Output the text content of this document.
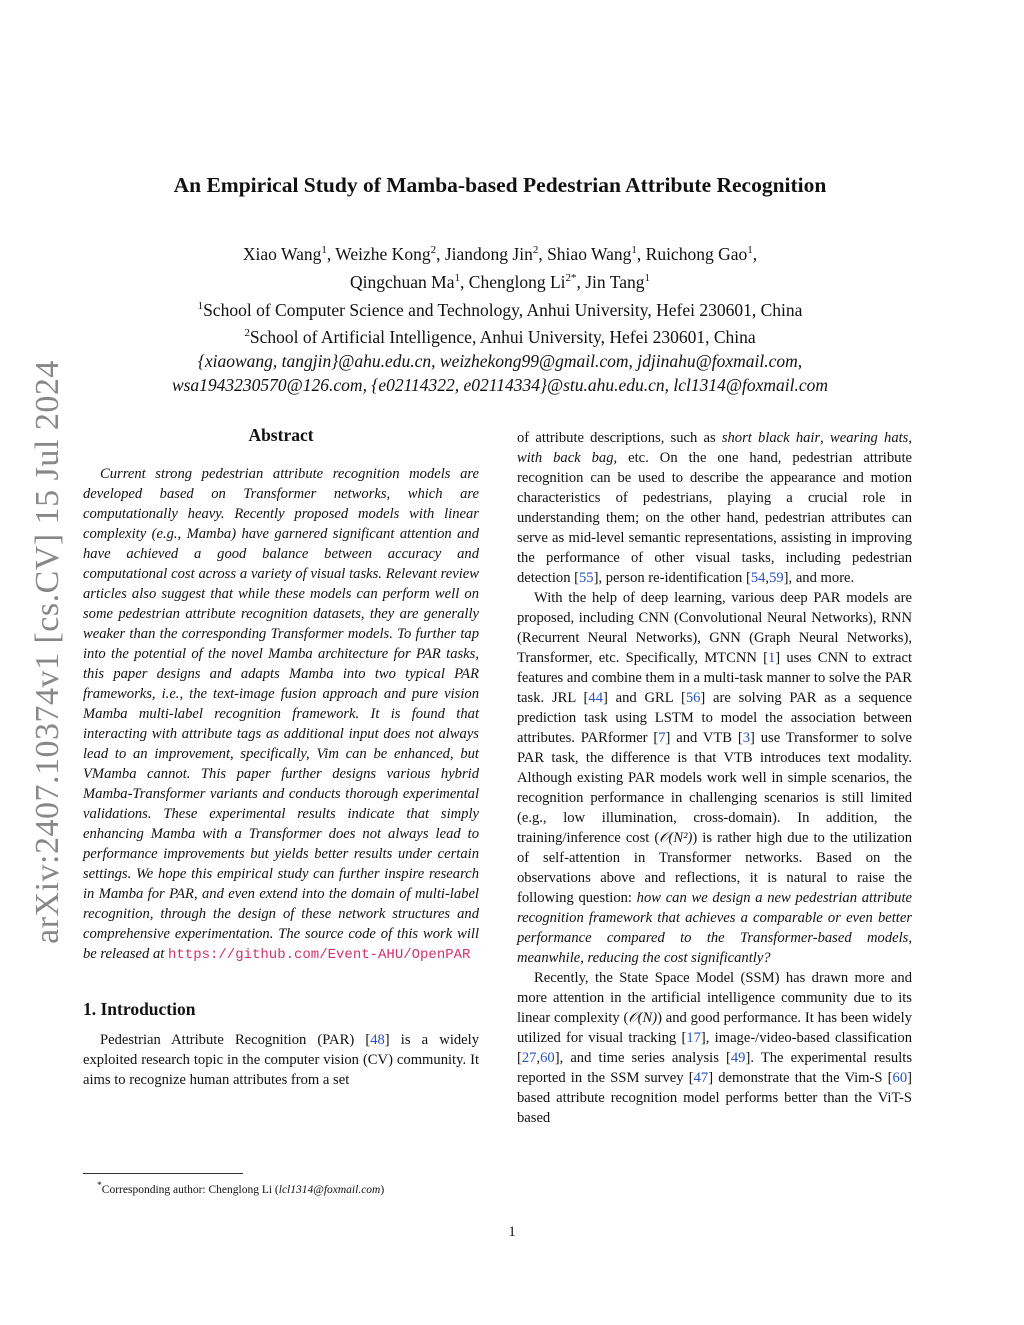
arXiv:2407.10374v1 [cs.CV] 15 Jul 2024
An Empirical Study of Mamba-based Pedestrian Attribute Recognition
Xiao Wang$^1$, Weizhe Kong$^2$, Jiandong Jin$^2$, Shiao Wang$^1$, Ruichong Gao$^1$,
Qingchuan Ma$^1$, Chenglong $Li^{2*}$, Jin Tang$^1$
$^1$School of Computer Science and Technology, Anhui University, Hefei 230601, China
$^2$School of Artificial Intelligence, Anhui University, Hefei 230601, China
{xiaowang, tangjin}@ahu.edu.cn, weizhekong99@gmail.com, jdjinahu@foxmail.com,
wsa1943230570@126.com, {e02114322, e02114334}@stu.ahu.edu.cn, lcl1314@foxmail.com
Abstract

Current strong pedestrian attribute recognition models are developed based on Transformer networks, which are computationally heavy. Recently proposed models with linear complexity (e.g., Mamba) have garnered significant attention and have achieved a good balance between accuracy and computational cost across a variety of visual tasks. Relevant review articles also suggest that while these models can perform well on some pedestrian attribute recognition datasets, they are generally weaker than the corresponding Transformer models. To further tap into the potential of the novel Mamba architecture for PAR tasks, this paper designs and adapts Mamba into two typical PAR frameworks, i.e., the text-image fusion approach and pure vision Mamba multi-label recognition framework. It is found that interacting with attribute tags as additional input does not always lead to an improvement, specifically, Vim can be enhanced, but VMamba cannot. This paper further designs various hybrid Mamba-Transformer variants and conducts thorough experimental validations. These experimental results indicate that simply enhancing Mamba with a Transformer does not always lead to performance improvements but yields better results under certain settings. We hope this empirical study can further inspire research in Mamba for PAR, and even extend into the domain of multi-label recognition, through the design of these network structures and comprehensive experimentation. The source code of this work will be released at https://github.com/Event-AHU/OpenPAR

1. Introduction

Pedestrian Attribute Recognition (PAR) [48] is a widely exploited research topic in the computer vision (CV) community. It aims to recognize human attributes from a set

of attribute descriptions, such as short black hair, wearing hats, with back bag, etc. On the one hand, pedestrian attribute recognition can be used to describe the appearance and motion characteristics of pedestrians, playing a crucial role in understanding them; on the other hand, pedestrian attributes can serve as mid-level semantic representations, assisting in improving the performance of other visual tasks, including pedestrian detection [55], person re-identification [54,59], and more.

With the help of deep learning, various deep PAR models are proposed, including CNN (Convolutional Neural Networks), RNN (Recurrent Neural Networks), GNN (Graph Neural Networks), Transformer, etc. Specifically, MTCNN [1] uses CNN to extract features and combine them in a multi-task manner to solve the PAR task. JRL [44] and GRL [56] are solving PAR as a sequence prediction task using LSTM to model the association between attributes. PARformer [7] and VTB [3] use Transformer to solve PAR task, the difference is that VTB introduces text modality. Although existing PAR models work well in simple scenarios, the recognition performance in challenging scenarios is still limited (e.g., low illumination, cross-domain). In addition, the training/inference cost (𝒪(N²)) is rather high due to the utilization of self-attention in Transformer networks. Based on the observations above and reflections, it is natural to raise the following question: how can we design a new pedestrian attribute recognition framework that achieves a comparable or even better performance compared to the Transformer-based models, meanwhile, reducing the cost significantly?

Recently, the State Space Model (SSM) has drawn more and more attention in the artificial intelligence community due to its linear complexity (𝒪(N)) and good performance. It has been widely utilized for visual tracking [17], image-/video-based classification [27,60], and time series analysis [49]. The experimental results reported in the SSM survey [47] demonstrate that the Vim-S [60] based attribute recognition model performs better than the ViT-S based

*Corresponding author: Chenglong Li (lcl1314@foxmail.com)
1
